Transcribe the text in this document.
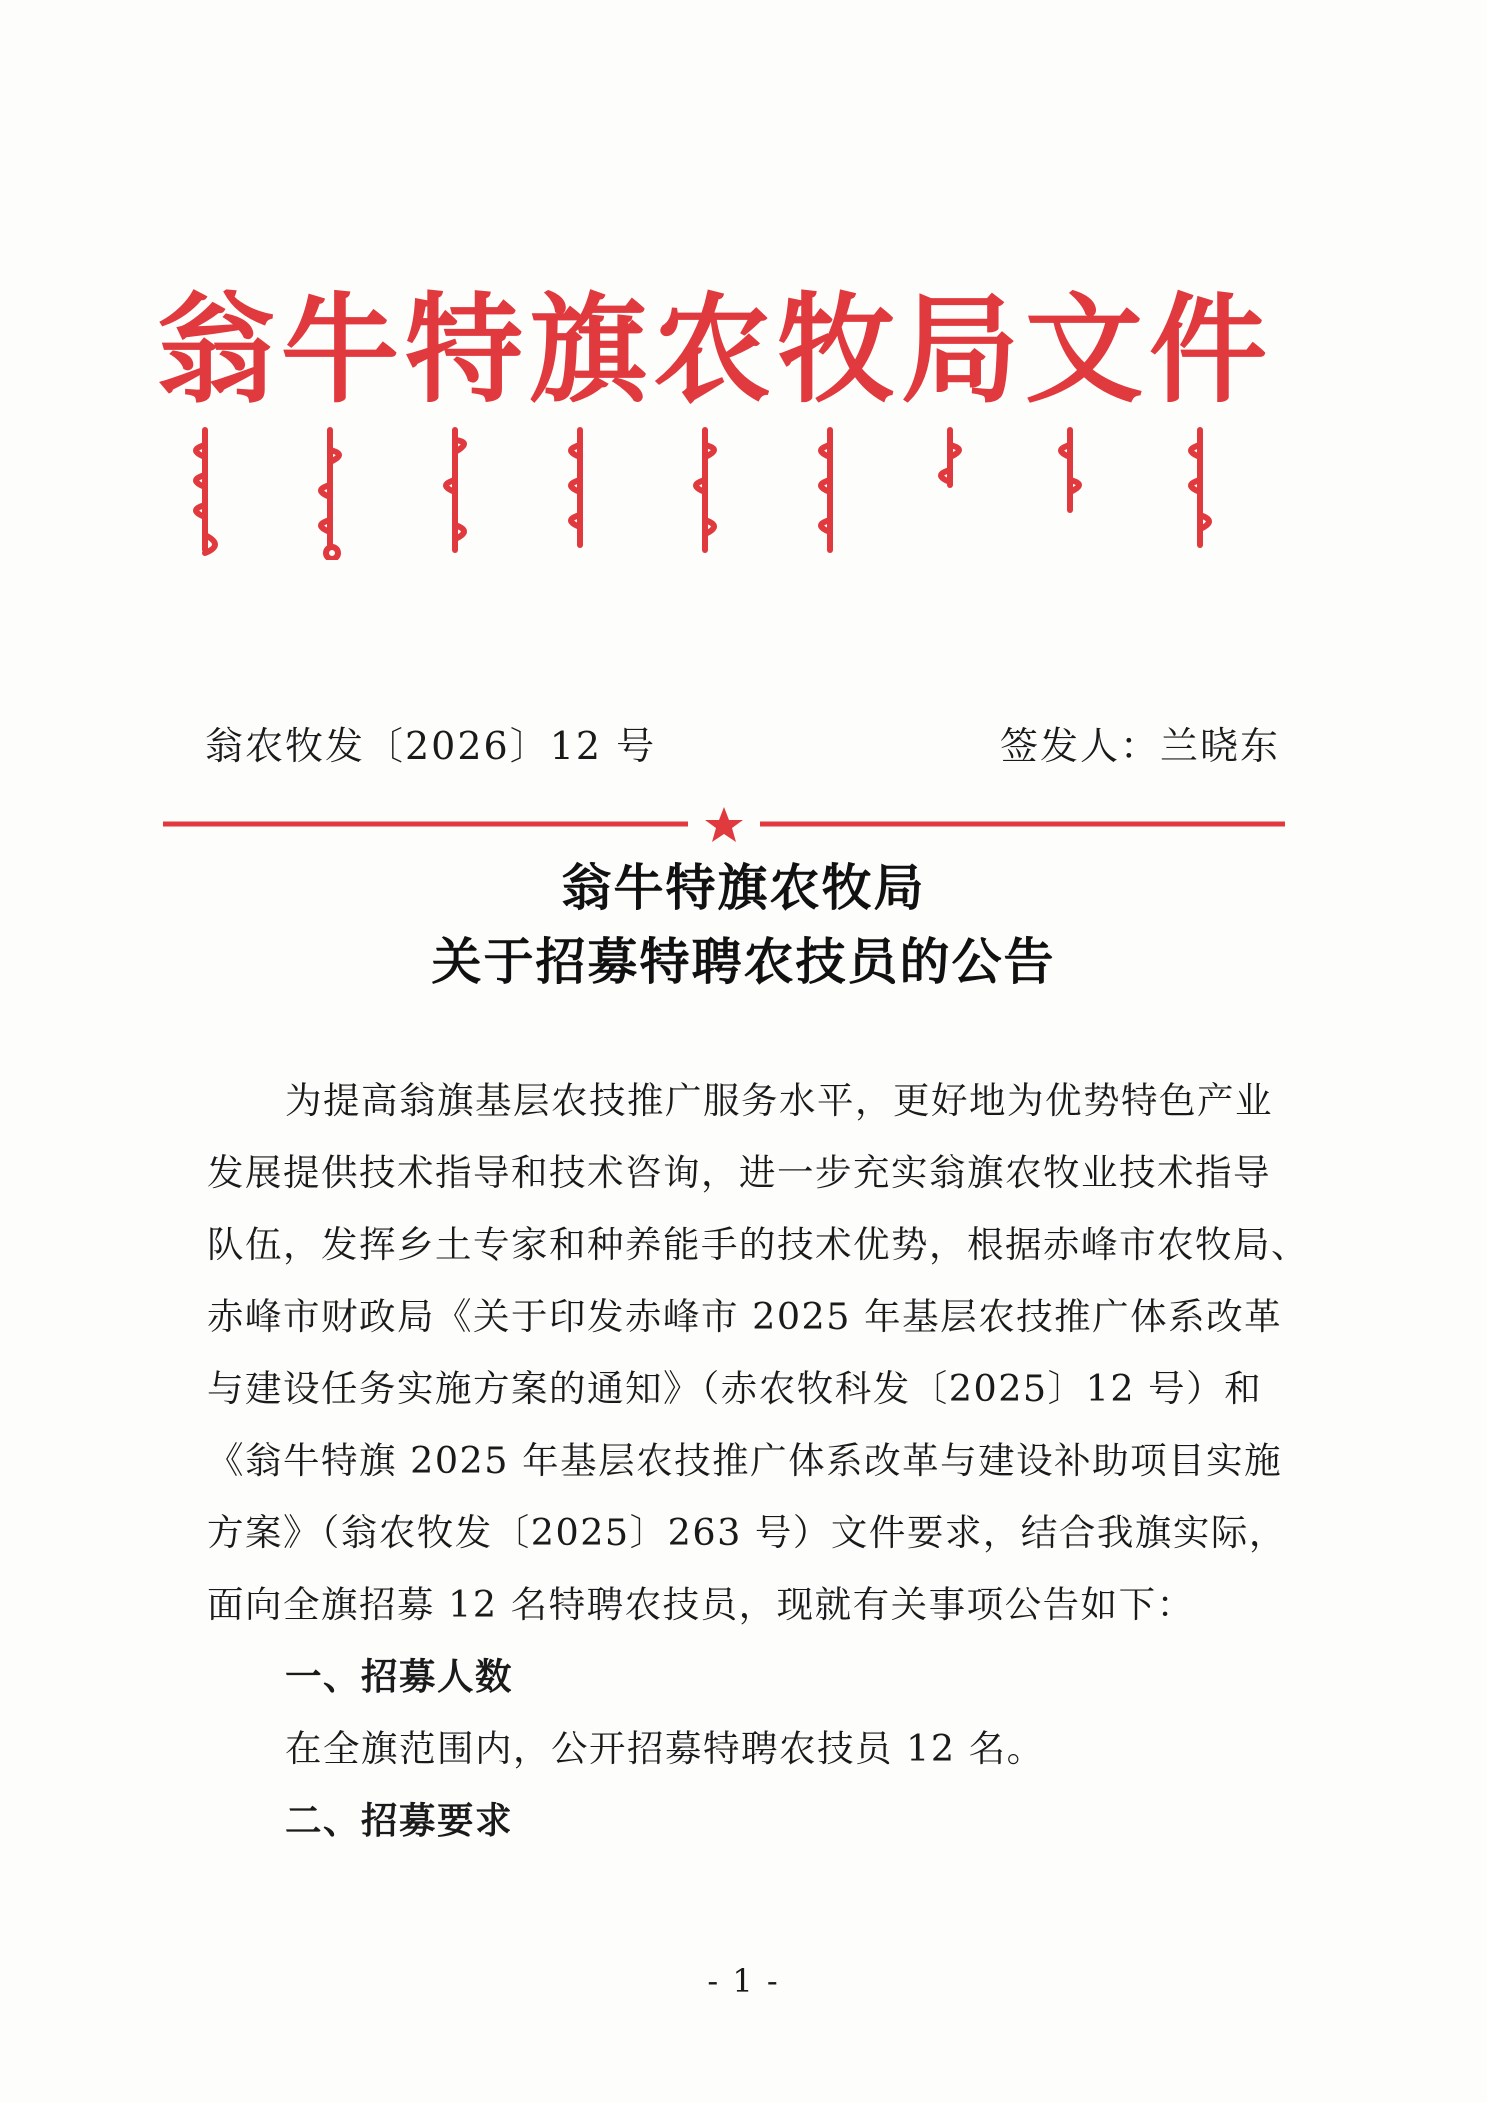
翁牛特旗农牧局文件
翁农牧发〔2026〕12 号	签发人：兰晓东
翁牛特旗农牧局
关于招募特聘农技员的公告
为提高翁旗基层农技推广服务水平，更好地为优势特色产业
发展提供技术指导和技术咨询，进一步充实翁旗农牧业技术指导
队伍，发挥乡土专家和种养能手的技术优势，根据赤峰市农牧局、
赤峰市财政局《关于印发赤峰市 2025 年基层农技推广体系改革
与建设任务实施方案的通知》（赤农牧科发〔2025〕12 号）和
《翁牛特旗 2025 年基层农技推广体系改革与建设补助项目实施
方案》（翁农牧发〔2025〕263 号）文件要求，结合我旗实际，
面向全旗招募 12 名特聘农技员，现就有关事项公告如下：
一、招募人数
在全旗范围内，公开招募特聘农技员 12 名。
二、招募要求
- 1 -
